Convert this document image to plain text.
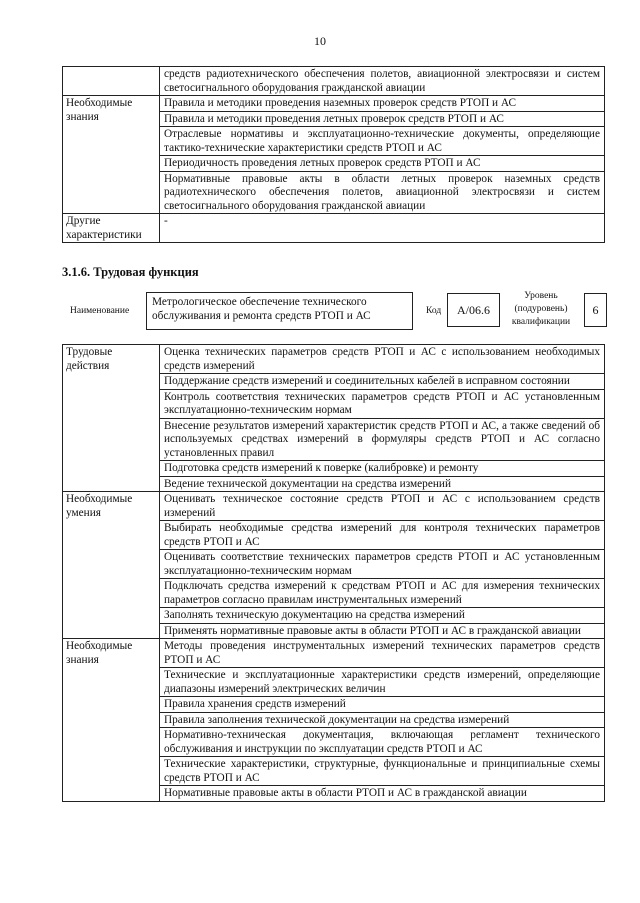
10
	средств радиотехнического обеспечения полетов, авиационной электросвязи и систем светосигнального оборудования гражданской авиации
Необходимые знания	Правила и методики проведения наземных проверок средств РТОП и АС
	Правила и методики проведения летных проверок средств РТОП и АС
	Отраслевые нормативы и эксплуатационно-технические документы, определяющие тактико-технические характеристики средств РТОП и АС
	Периодичность проведения летных проверок средств РТОП и АС
	Нормативные правовые акты в области летных проверок наземных средств радиотехнического обеспечения полетов, авиационной электросвязи и систем светосигнального оборудования гражданской авиации
Другие характеристики	-
3.1.6. Трудовая функция
Наименование
Метрологическое обеспечение технического обслуживания и ремонта средств РТОП и АС	Код	A/06.6
Уровень (подуровень) квалификации
6
Трудовые действия	Оценка технических параметров средств РТОП и АС с использованием необходимых средств измерений
	Поддержание средств измерений и соединительных кабелей в исправном состоянии
	Контроль соответствия технических параметров средств РТОП и АС установленным эксплуатационно-техническим нормам
	Внесение результатов измерений характеристик средств РТОП и АС, а также сведений об используемых средствах измерений в формуляры средств РТОП и АС согласно установленных правил
	Подготовка средств измерений к поверке (калибровке) и ремонту
	Ведение технической документации на средства измерений
Необходимые умения	Оценивать техническое состояние средств РТОП и АС с использованием средств измерений
	Выбирать необходимые средства измерений для контроля технических параметров средств РТОП и АС
	Оценивать соответствие технических параметров средств РТОП и АС установленным эксплуатационно-техническим нормам
	Подключать средства измерений к средствам РТОП и АС для измерения технических параметров согласно правилам инструментальных измерений
	Заполнять техническую документацию на средства измерений
	Применять нормативные правовые акты в области РТОП и АС в гражданской авиации
Необходимые знания	Методы проведения инструментальных измерений технических параметров средств РТОП и АС
	Технические и эксплуатационные характеристики средств измерений, определяющие диапазоны измерений электрических величин
	Правила хранения средств измерений
	Правила заполнения технической документации на средства измерений
	Нормативно-техническая документация, включающая регламент технического обслуживания и инструкции по эксплуатации средств РТОП и АС
	Технические характеристики, структурные, функциональные и принципиальные схемы средств РТОП и АС
	Нормативные правовые акты в области РТОП и АС в гражданской авиации
